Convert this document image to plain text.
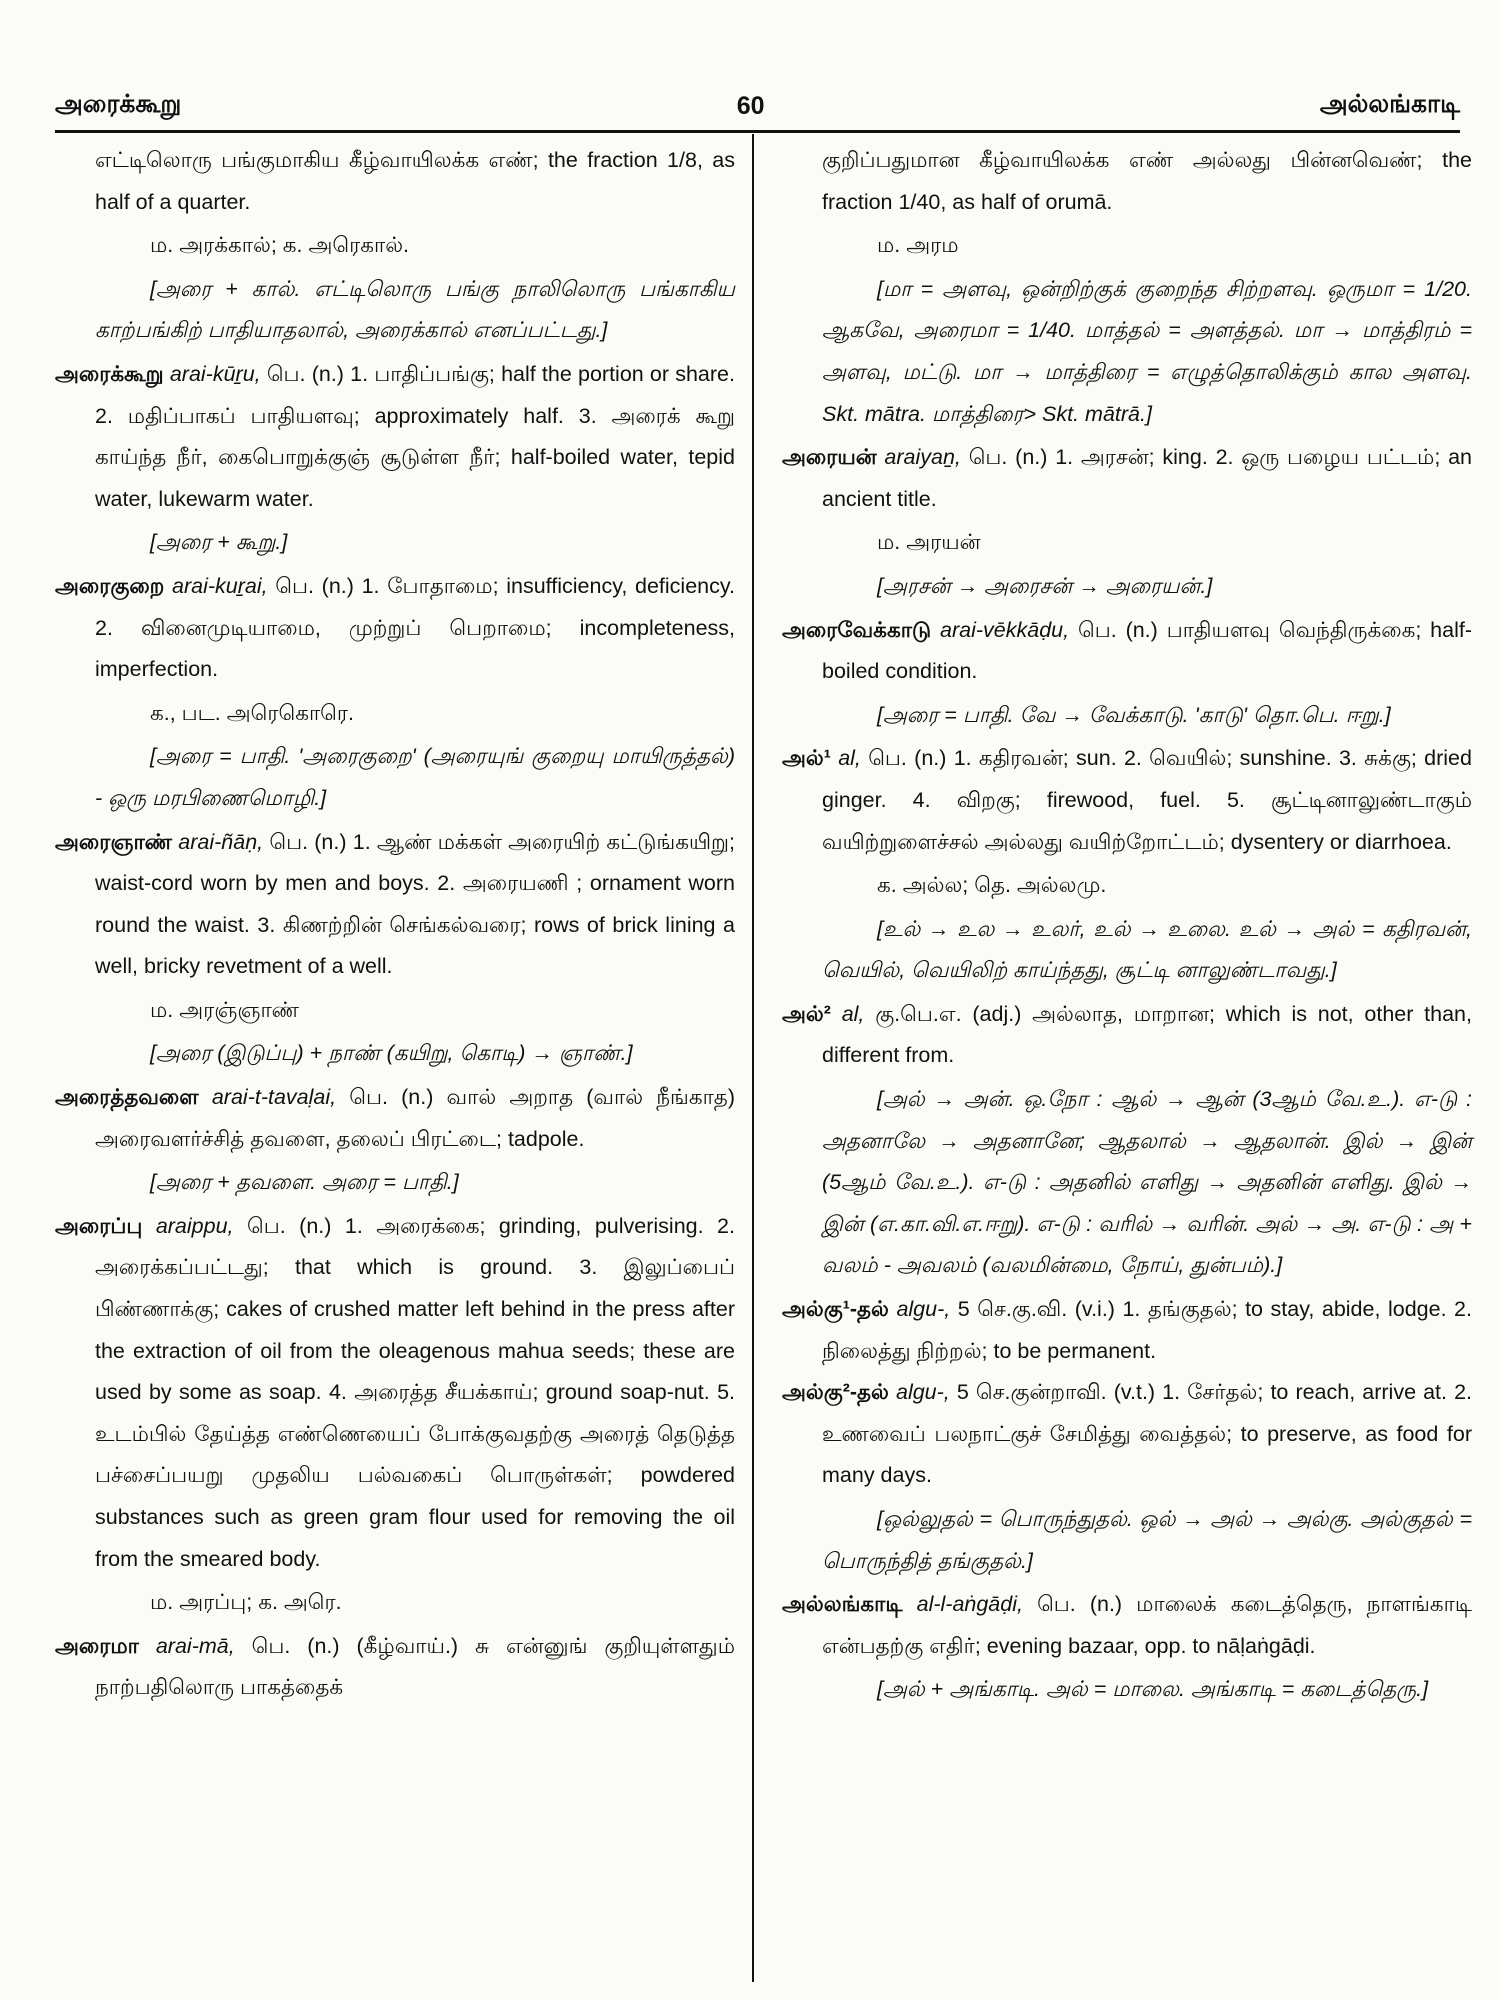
அரைக்கூறு	60	அல்லங்காடி

எட்டிலொரு பங்குமாகிய கீழ்வாயிலக்க எண்; the fraction 1/8, as half of a quarter.

ம. அரக்கால்; க. அரெகால்.

[அரை + கால். எட்டிலொரு பங்கு நாலிலொரு பங்காகிய காற்பங்கிற் பாதியாதலால், அரைக்கால் எனப்பட்டது.]

அரைக்கூறு arai-kūṟu, பெ. (n.) 1. பாதிப்பங்கு; half the portion or share. 2. மதிப்பாகப் பாதியளவு; approximately half. 3. அரைக் கூறு காய்ந்த நீர், கைபொறுக்குஞ் சூடுள்ள நீர்; half-boiled water, tepid water, lukewarm water.

[அரை + கூறு.]

அரைகுறை arai-kuṟai, பெ. (n.) 1. போதாமை; insufficiency, deficiency. 2. வினைமுடியாமை, முற்றுப் பெறாமை; incompleteness, imperfection.

க., பட. அரெகொரெ.

[அரை = பாதி. 'அரைகுறை' (அரையுங் குறையு மாயிருத்தல்) - ஒரு மரபிணைமொழி.]

அரைஞாண் arai-ñāṇ, பெ. (n.) 1. ஆண் மக்கள் அரையிற் கட்டுங்கயிறு; waist-cord worn by men and boys. 2. அரையணி ; ornament worn round the waist. 3. கிணற்றின் செங்கல்வரை; rows of brick lining a well, bricky revetment of a well.

ம. அரஞ்ஞாண்

[அரை (இடுப்பு) + நாண் (கயிறு, கொடி) → ஞாண்.]

அரைத்தவளை arai-t-tavaḷai, பெ. (n.) வால் அறாத (வால் நீங்காத) அரைவளர்ச்சித் தவளை, தலைப் பிரட்டை; tadpole.

[அரை + தவளை. அரை = பாதி.]

அரைப்பு araippu, பெ. (n.) 1. அரைக்கை; grinding, pulverising. 2. அரைக்கப்பட்டது; that which is ground. 3. இலுப்பைப் பிண்ணாக்கு; cakes of crushed matter left behind in the press after the extraction of oil from the oleagenous mahua seeds; these are used by some as soap. 4. அரைத்த சீயக்காய்; ground soap-nut. 5. உடம்பில் தேய்த்த எண்ணெயைப் போக்குவதற்கு அரைத் தெடுத்த பச்சைப்பயறு முதலிய பல்வகைப் பொருள்கள்; powdered substances such as green gram flour used for removing the oil from the smeared body.

ம. அரப்பு; க. அரெ.

அரைமா arai-mā, பெ. (n.) (கீழ்வாய்.) சு என்னுங் குறியுள்ளதும் நாற்பதிலொரு பாகத்தைக்

குறிப்பதுமான கீழ்வாயிலக்க எண் அல்லது பின்னவெண்; the fraction 1/40, as half of orumā.

ம. அரம

[மா = அளவு, ஒன்றிற்குக் குறைந்த சிற்றளவு. ஒருமா = 1/20. ஆகவே, அரைமா = 1/40. மாத்தல் = அளத்தல். மா → மாத்திரம் = அளவு, மட்டு. மா → மாத்திரை = எழுத்தொலிக்கும் கால அளவு. Skt. mātra. மாத்திரை> Skt. mātrā.]

அரையன் araiyaṉ, பெ. (n.) 1. அரசன்; king. 2. ஒரு பழைய பட்டம்; an ancient title.

ம. அரயன்

[அரசன் → அரைசன் → அரையன்.]

அரைவேக்காடு arai-vēkkāḍu, பெ. (n.) பாதியளவு வெந்திருக்கை; half-boiled condition.

[அரை = பாதி. வே → வேக்காடு. 'காடு' தொ.பெ. ஈறு.]

அல்¹ al, பெ. (n.) 1. கதிரவன்; sun. 2. வெயில்; sunshine. 3. சுக்கு; dried ginger. 4. விறகு; firewood, fuel. 5. சூட்டினாலுண்டாகும் வயிற்றுளைச்சல் அல்லது வயிற்றோட்டம்; dysentery or diarrhoea.

க. அல்ல; தெ. அல்லமு.

[உல் → உல → உலர், உல் → உலை. உல் → அல் = கதிரவன், வெயில், வெயிலிற் காய்ந்தது, சூட்டி னாலுண்டாவது.]

அல்² al, கு.பெ.எ. (adj.) அல்லாத, மாறான; which is not, other than, different from.

[அல் → அன். ஒ.நோ : ஆல் → ஆன் (3ஆம் வே.உ.). எ-டு : அதனாலே → அதனானே; ஆதலால் → ஆதலான். இல் → இன் (5ஆம் வே.உ.). எ-டு : அதனில் எளிது → அதனின் எளிது. இல் → இன் (எ.கா.வி.எ.ஈறு). எ-டு : வரில் → வரின். அல் → அ. எ-டு : அ + வலம் - அவலம் (வலமின்மை, நோய், துன்பம்).]

அல்கு¹-தல் algu-, 5 செ.கு.வி. (v.i.) 1. தங்குதல்; to stay, abide, lodge. 2. நிலைத்து நிற்றல்; to be permanent.

அல்கு²-தல் algu-, 5 செ.குன்றாவி. (v.t.) 1. சேர்தல்; to reach, arrive at. 2. உணவைப் பலநாட்குச் சேமித்து வைத்தல்; to preserve, as food for many days.

[ஒல்லுதல் = பொருந்துதல். ஒல் → அல் → அல்கு. அல்குதல் = பொருந்தித் தங்குதல்.]

அல்லங்காடி al-l-aṅgāḍi, பெ. (n.) மாலைக் கடைத்தெரு, நாளங்காடி என்பதற்கு எதிர்; evening bazaar, opp. to nāḷaṅgāḍi.

[அல் + அங்காடி. அல் = மாலை. அங்காடி = கடைத்தெரு.]
